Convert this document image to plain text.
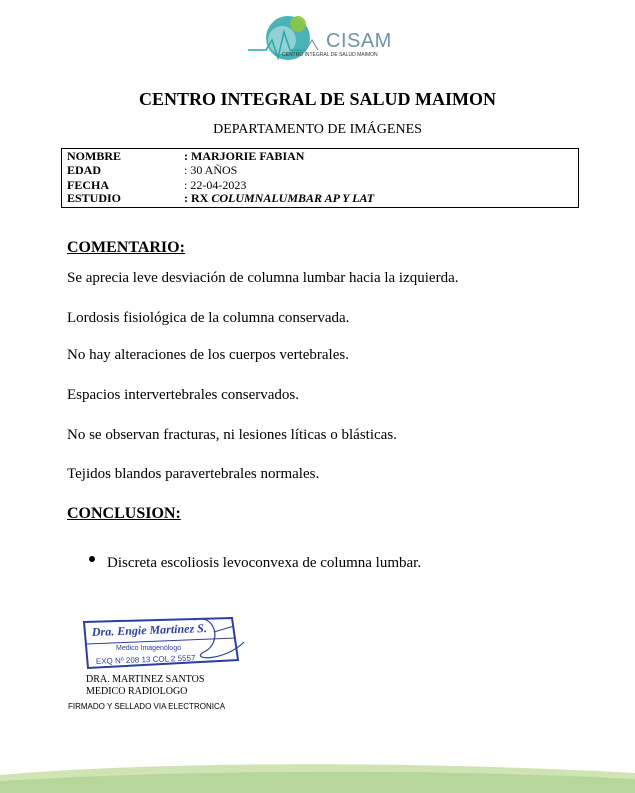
CISAM
CENTRO INTEGRAL DE SALUD MAIMON
CENTRO INTEGRAL DE SALUD MAIMON
DEPARTAMENTO DE IMÁGENES
NOMBRE	: MARJORIE FABIAN
EDAD	: 30 AÑOS
FECHA	: 22-04-2023
ESTUDIO	: RX COLUMNALUMBAR AP Y LAT
COMENTARIO:
Se aprecia leve desviación de columna lumbar hacia la izquierda.
Lordosis fisiológica de la columna conservada.
No hay alteraciones de los cuerpos vertebrales.
Espacios intervertebrales conservados.
No se observan fracturas, ni lesiones líticas o blásticas.
Tejidos blandos paravertebrales normales.
CONCLUSION:
Discreta escoliosis levoconvexa de columna lumbar.
Dra. Engie Martinez S.
Medico Imagenólogo
EXQ Nº 208 13 COL 2 5557
DRA. MARTINEZ SANTOS
MEDICO RADIOLOGO
FIRMADO Y SELLADO VIA ELECTRONICA
